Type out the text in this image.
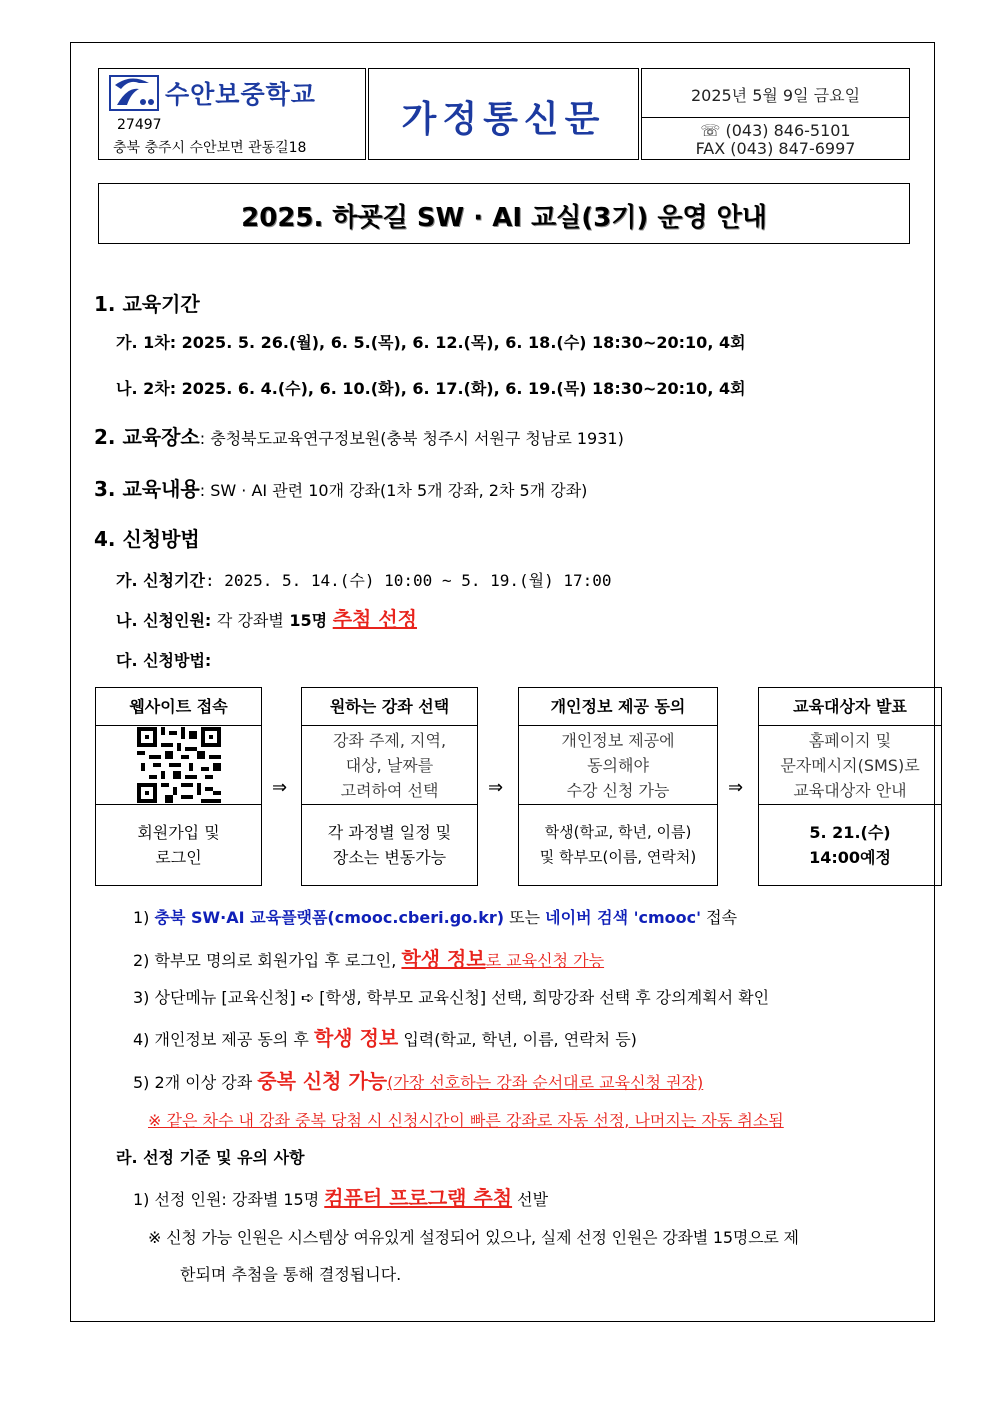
수안보중학교
27497
충북 충주시 수안보면 관동길18
가정통신문
2025년 5월 9일 금요일
☏ (043) 846-5101
FAX (043) 847-6997
2025. 하굣길 SW · AI 교실(3기) 운영 안내
1. 교육기간
가. 1차: 2025. 5. 26.(월), 6. 5.(목), 6. 12.(목), 6. 18.(수) 18:30~20:10, 4회
나. 2차: 2025. 6. 4.(수), 6. 10.(화), 6. 17.(화), 6. 19.(목) 18:30~20:10, 4회
2. 교육장소: 충청북도교육연구정보원(충북 청주시 서원구 청남로 1931)
3. 교육내용: SW · AI 관련 10개 강좌(1차 5개 강좌, 2차 5개 강좌)
4. 신청방법
가. 신청기간: 2025. 5. 14.(수) 10:00 ~ 5. 19.(월) 17:00
나. 신청인원: 각 강좌별 15명 추첨 선정
다. 신청방법:
웹사이트 접속
회원가입 및
로그인
⇒
원하는 강좌 선택
강좌 주제, 지역,
대상, 날짜를
고려하여 선택
각 과정별 일정 및
장소는 변동가능
⇒
개인정보 제공 동의
개인정보 제공에
동의해야
수강 신청 가능
학생(학교, 학년, 이름)
및 학부모(이름, 연락처)
⇒
교육대상자 발표
홈페이지 및
문자메시지(SMS)로
교육대상자 안내
5. 21.(수)
14:00예정
1) 충북 SW·AI 교육플랫폼(cmooc.cberi.go.kr) 또는 네이버 검색 'cmooc' 접속
2) 학부모 명의로 회원가입 후 로그인, 학생 정보로 교육신청 가능
3) 상단메뉴 [교육신청] ➪ [학생, 학부모 교육신청] 선택, 희망강좌 선택 후 강의계획서 확인
4) 개인정보 제공 동의 후 학생 정보 입력(학교, 학년, 이름, 연락처 등)
5) 2개 이상 강좌 중복 신청 가능(가장 선호하는 강좌 순서대로 교육신청 권장)
※ 같은 차수 내 강좌 중복 당첨 시 신청시간이 빠른 강좌로 자동 선정, 나머지는 자동 취소됨
라. 선정 기준 및 유의 사항
1) 선정 인원: 강좌별 15명 컴퓨터 프로그램 추첨 선발
※ 신청 가능 인원은 시스템상 여유있게 설정되어 있으나, 실제 선정 인원은 강좌별 15명으로 제
한되며 추첨을 통해 결정됩니다.
